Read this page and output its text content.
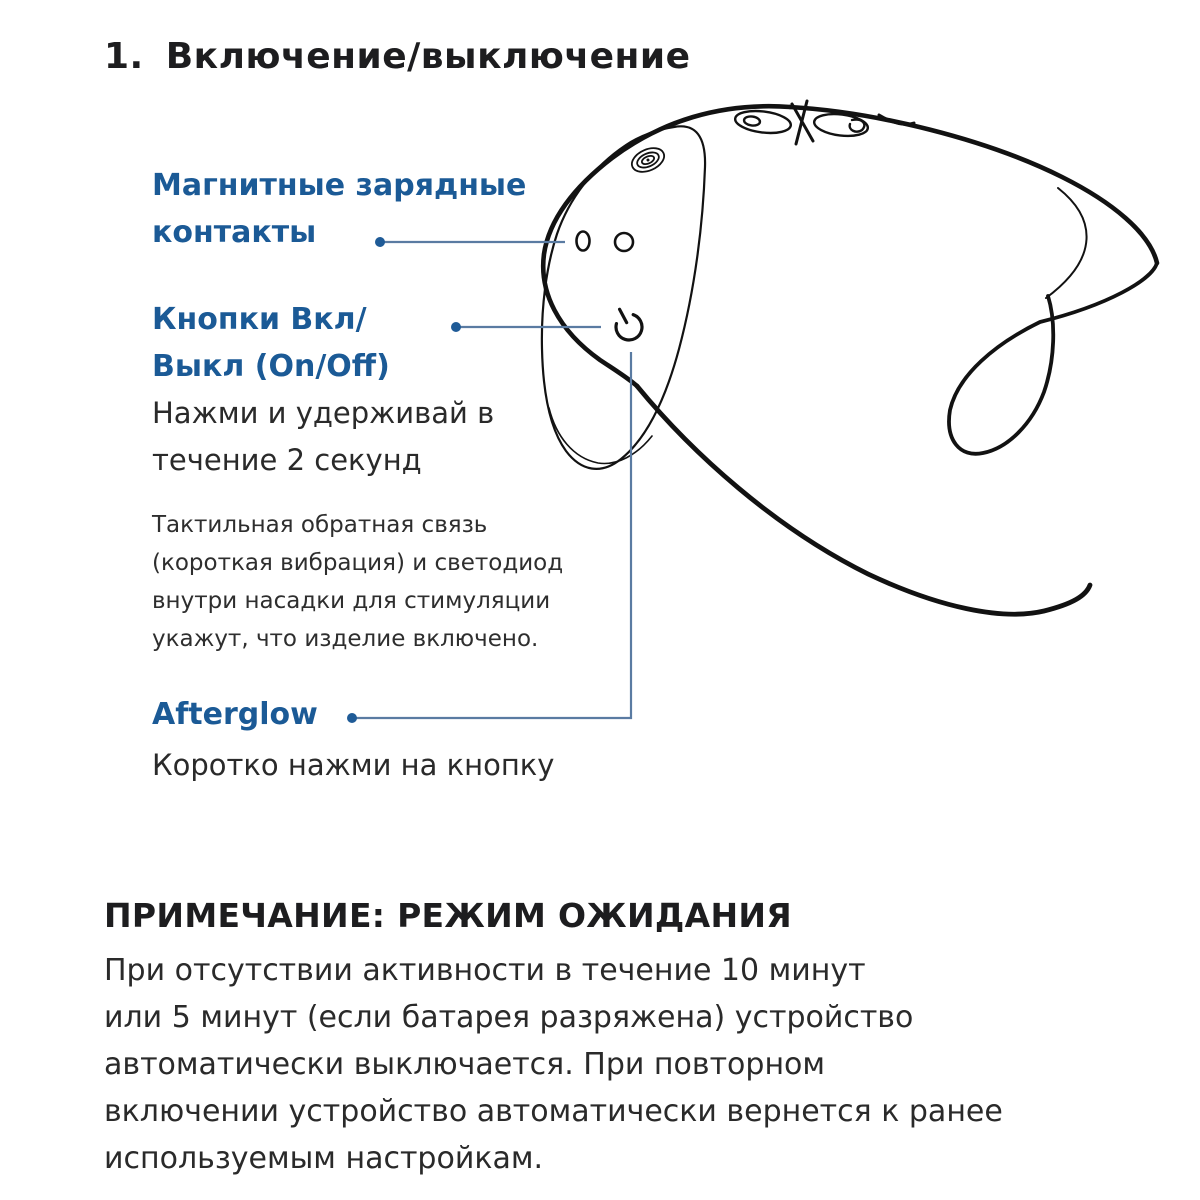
1. Включение/выключение
Магнитные зарядные
контакты
Кнопки Вкл/
Выкл (On/Off)
Нажми и удерживай в
течение 2 секунд
Тактильная обратная связь
(короткая вибрация) и светодиод
внутри насадки для стимуляции
укажут, что изделие включено.
Afterglow
Коротко нажми на кнопку
ПРИМЕЧАНИЕ: РЕЖИМ ОЖИДАНИЯ
При отсутствии активности в течение 10 минут
или 5 минут (если батарея разряжена) устройство
автоматически выключается. При повторном
включении устройство автоматически вернется к ранее
используемым настройкам.
